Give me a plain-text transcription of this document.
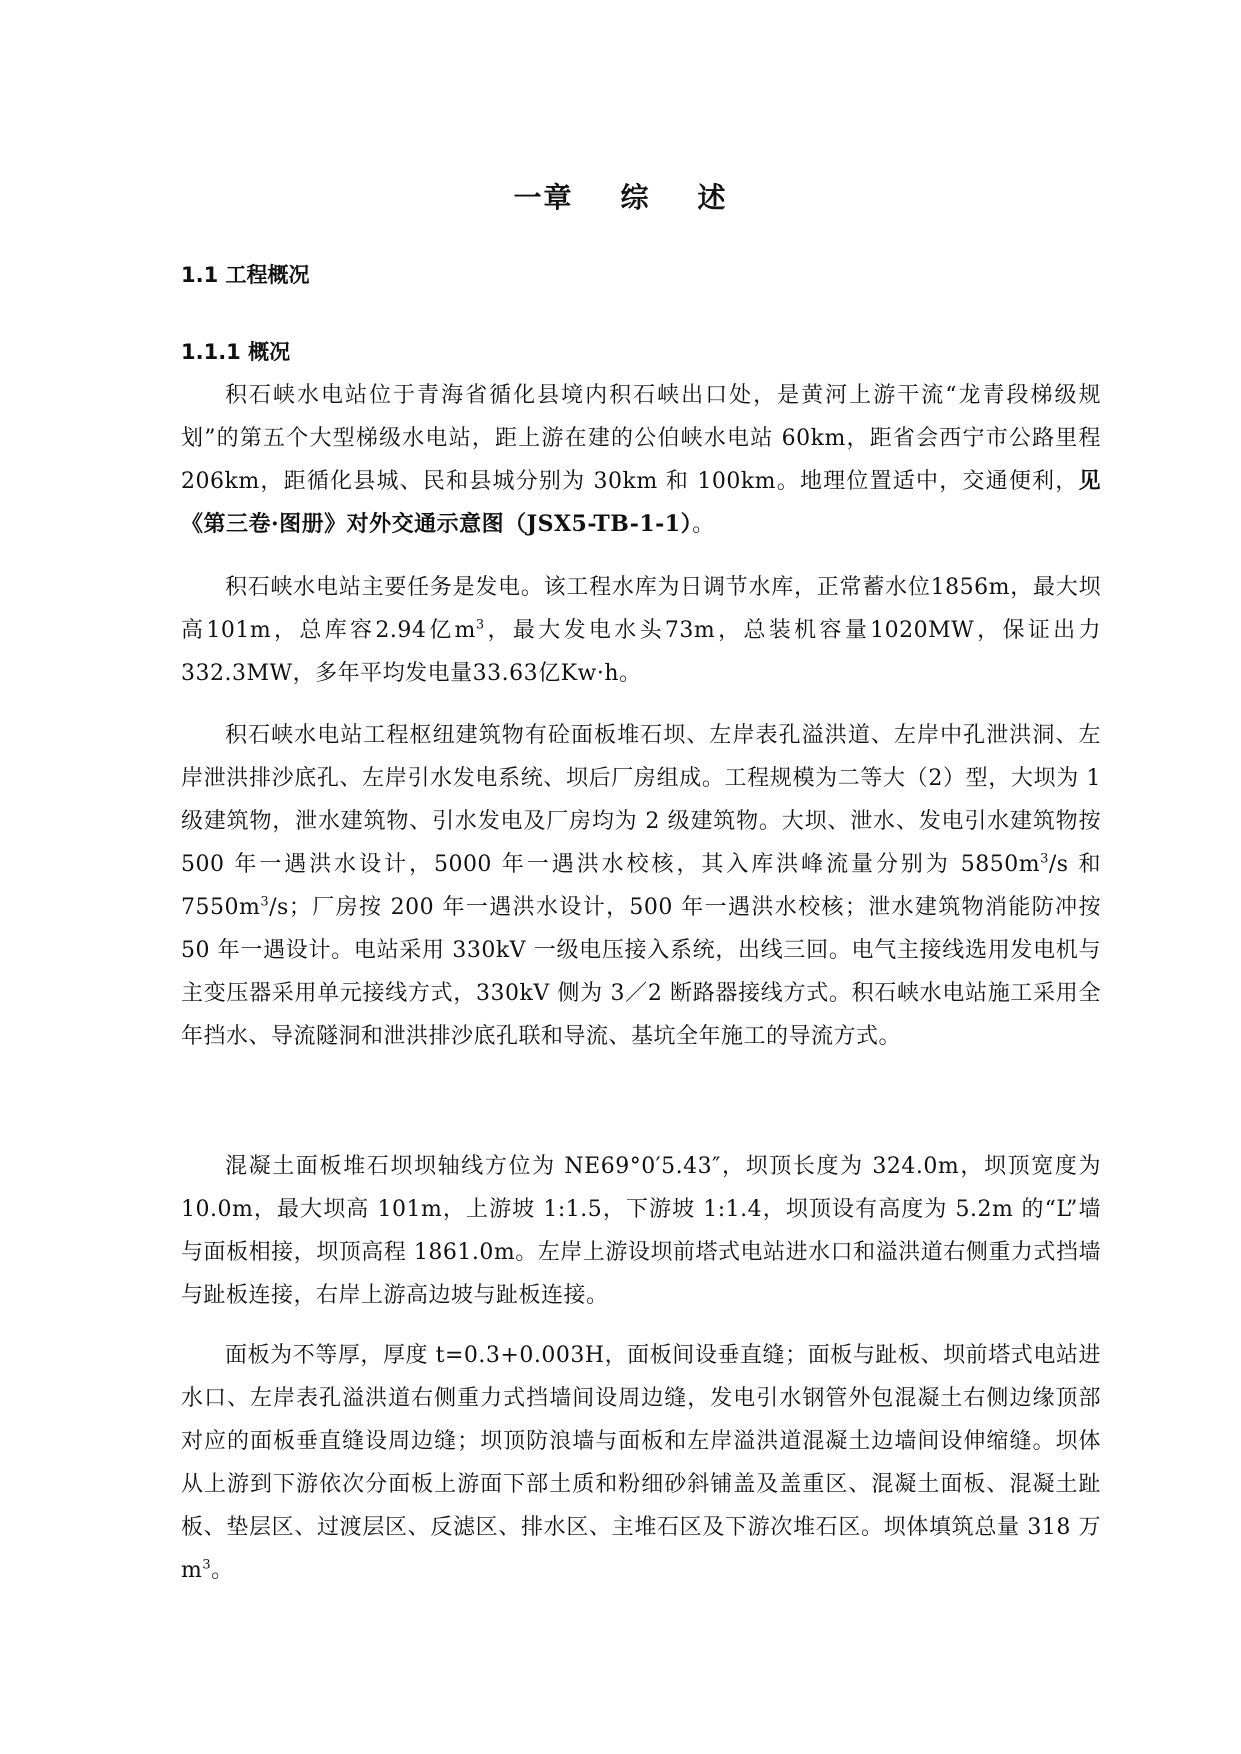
一章    综    述
1.1 工程概况
1.1.1 概况

积石峡水电站位于青海省循化县境内积石峡出口处，是黄河上游干流“龙青段梯级规划”的第五个大型梯级水电站，距上游在建的公伯峡水电站 60km，距省会西宁市公路里程 206km，距循化县城、民和县城分别为 30km 和 100km。地理位置适中，交通便利，见《第三卷·图册》对外交通示意图（JSX5-TB-1-1）。

积石峡水电站主要任务是发电。该工程水库为日调节水库，正常蓄水位1856m，最大坝高101m，总库容2.94亿$m^3$，最大发电水头73m，总装机容量1020MW，保证出力332.3MW，多年平均发电量33.63亿Kw·h。

积石峡水电站工程枢纽建筑物有砼面板堆石坝、左岸表孔溢洪道、左岸中孔泄洪洞、左岸泄洪排沙底孔、左岸引水发电系统、坝后厂房组成。工程规模为二等大（2）型，大坝为 1 级建筑物，泄水建筑物、引水发电及厂房均为 2 级建筑物。大坝、泄水、发电引水建筑物按 500 年一遇洪水设计，5000 年一遇洪水校核，其入库洪峰流量分别为 $5850m^3/s$ 和 $7550m^3/s$；厂房按 200 年一遇洪水设计，500 年一遇洪水校核；泄水建筑物消能防冲按 50 年一遇设计。电站采用 330kV 一级电压接入系统，出线三回。电气主接线选用发电机与主变压器采用单元接线方式，330kV 侧为 3／2 断路器接线方式。积石峡水电站施工采用全年挡水、导流隧洞和泄洪排沙底孔联和导流、基坑全年施工的导流方式。

混凝土面板堆石坝坝轴线方位为 NE69°0′5.43″，坝顶长度为 324.0m，坝顶宽度为 10.0m，最大坝高 101m，上游坡 1:1.5，下游坡 1:1.4，坝顶设有高度为 5.2m 的“L”墙与面板相接，坝顶高程 1861.0m。左岸上游设坝前塔式电站进水口和溢洪道右侧重力式挡墙与趾板连接，右岸上游高边坡与趾板连接。

面板为不等厚，厚度 t=0.3+0.003H，面板间设垂直缝；面板与趾板、坝前塔式电站进水口、左岸表孔溢洪道右侧重力式挡墙间设周边缝，发电引水钢管外包混凝土右侧边缘顶部对应的面板垂直缝设周边缝；坝顶防浪墙与面板和左岸溢洪道混凝土边墙间设伸缩缝。坝体从上游到下游依次分面板上游面下部土质和粉细砂斜铺盖及盖重区、混凝土面板、混凝土趾板、垫层区、过渡层区、反滤区、排水区、主堆石区及下游次堆石区。坝体填筑总量 318 万 $m^3$。
